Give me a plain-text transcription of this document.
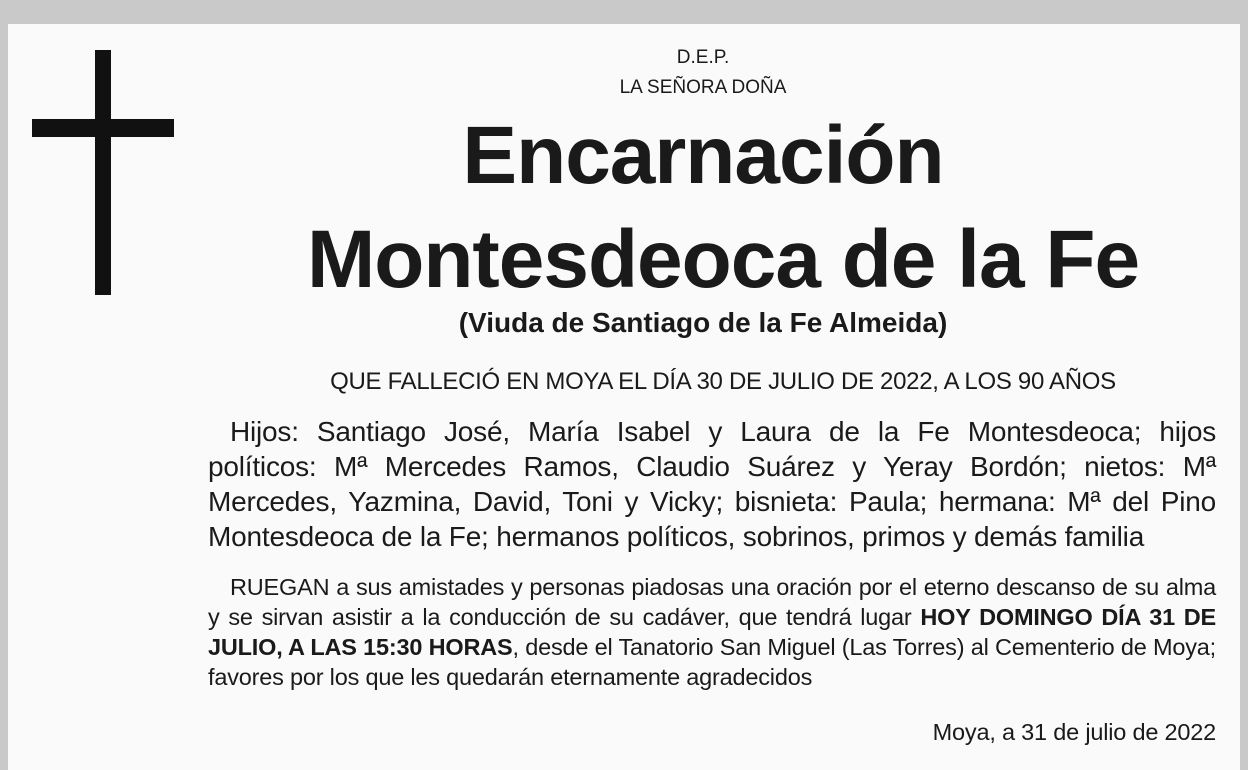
D.E.P.
LA SEÑORA DOÑA
Encarnación
Montesdeoca de la Fe
(Viuda de Santiago de la Fe Almeida)
QUE FALLECIÓ EN MOYA EL DÍA 30 DE JULIO DE 2022, A LOS 90 AÑOS
Hijos: Santiago José, María Isabel y Laura de la Fe Montesdeoca; hijos políticos: Mª Mercedes Ramos, Claudio Suárez y Yeray Bordón; nietos: Mª Mercedes, Yazmina, David, Toni y Vicky; bisnieta: Paula; hermana: Mª del Pino Montesdeoca de la Fe; hermanos políticos, sobrinos, primos y demás familia
RUEGAN a sus amistades y personas piadosas una oración por el eterno descanso de su alma y se sirvan asistir a la conducción de su cadáver, que tendrá lugar HOY DOMINGO DÍA 31 DE JULIO, A LAS 15:30 HORAS, desde el Tanatorio San Miguel (Las Torres) al Cementerio de Moya; favores por los que les quedarán eternamente agradecidos
Moya, a 31 de julio de 2022
